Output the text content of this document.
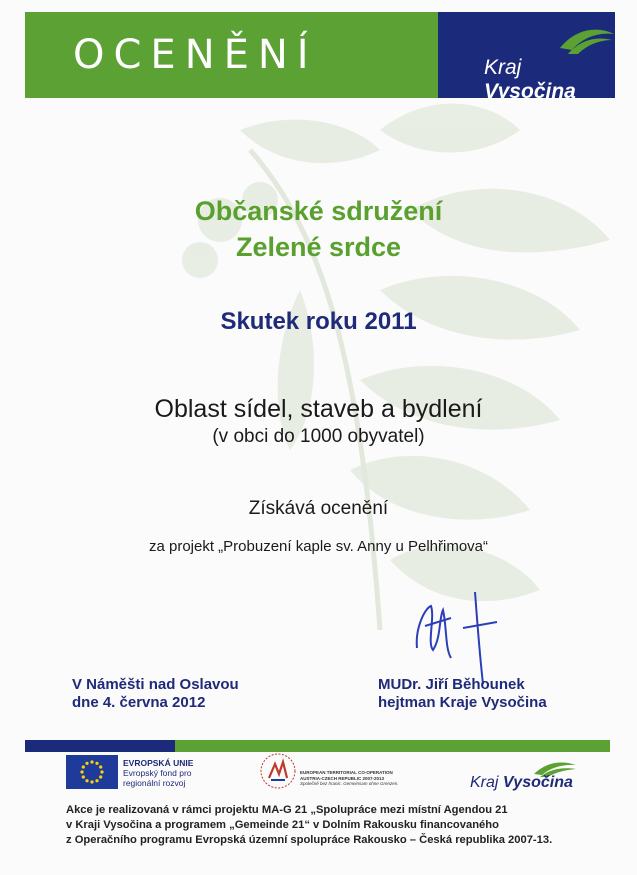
OCENĚNÍ	Kraj Vysočina
Občanské sdružení
Zelené srdce
Skutek roku 2011
Oblast sídel, staveb a bydlení
(v obci do 1000 obyvatel)
Získává ocenění
za projekt „Probuzení kaple sv. Anny u Pelhřimova“
V Náměšti nad Oslavou
dne 4. června 2012
MUDr. Jiří Běhounek
hejtman Kraje Vysočina
EVROPSKÁ UNIE
Evropský fond pro
regionální rozvoj
EUROPEAN TERRITORIAL CO-OPERATION
AUSTRIA-CZECH REPUBLIC 2007-2013
Společně bez hranic. Gemeinsam ohne Grenzen.	Kraj Vysočina
Akce je realizovaná v rámci projektu MA-G 21 „Spolupráce mezi místní Agendou 21
v Kraji Vysočina a programem „Gemeinde 21“ v Dolním Rakousku financovaného
z Operačního programu Evropská územní spolupráce Rakousko – Česká republika 2007-13.
